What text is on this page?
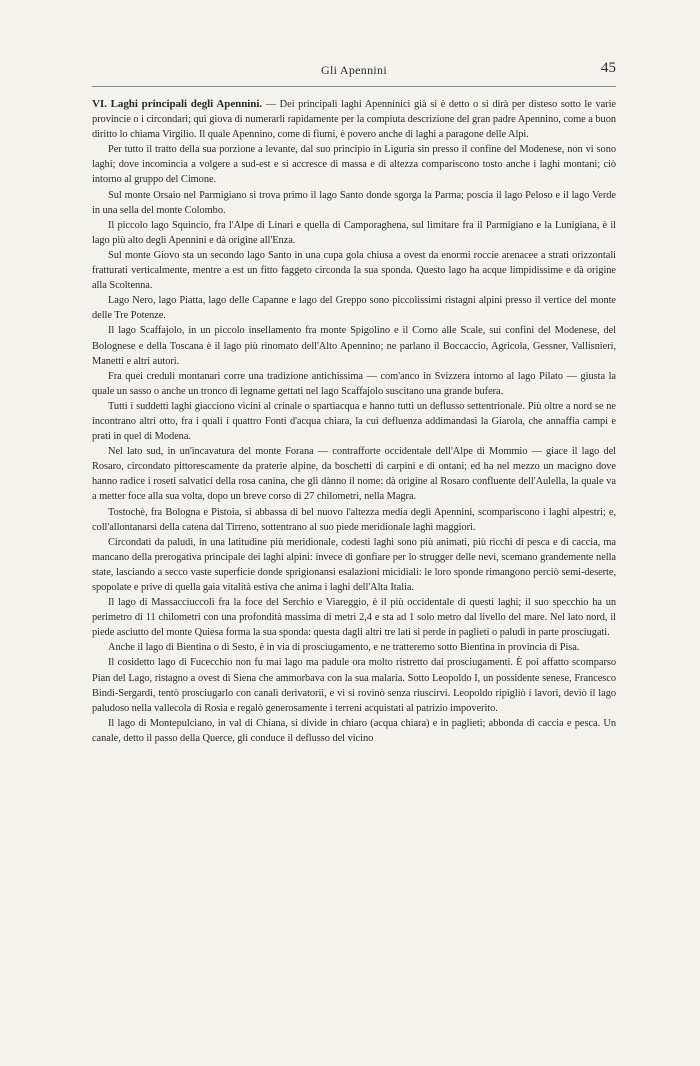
Gli Apennini	45

VI. Laghi principali degli Apennini. — Dei principali laghi Apenninici già si è detto o si dirà per disteso sotto le varie provincie o i circondari; qui giova di numerarli rapidamente per la compiuta descrizione del gran padre Apennino, come a buon diritto lo chiama Virgilio. Il quale Apennino, come di fiumi, è povero anche di laghi a paragone delle Alpi.

Per tutto il tratto della sua porzione a levante, dal suo principio in Liguria sin presso il confine del Modenese, non vi sono laghi; dove incomincia a volgere a sud-est e si accresce di massa e di altezza compariscono tosto anche i laghi montani; ciò intorno al gruppo del Cimone.

Sul monte Orsaio nel Parmigiano si trova primo il lago Santo donde sgorga la Parma; poscia il lago Peloso e il lago Verde in una sella del monte Colombo.

Il piccolo lago Squincio, fra l'Alpe di Linari e quella di Camporaghena, sul limitare fra il Parmigiano e la Lunigiana, è il lago più alto degli Apennini e dà origine all'Enza.

Sul monte Giovo sta un secondo lago Santo in una cupa gola chiusa a ovest da enormi roccie arenacee a strati orizzontali fratturati verticalmente, mentre a est un fitto faggeto circonda la sua sponda. Questo lago ha acque limpidissime e dà origine alla Scoltenna.

Lago Nero, lago Piatta, lago delle Capanne e lago del Greppo sono piccolissimi ristagni alpini presso il vertice del monte delle Tre Potenze.

Il lago Scaffajolo, in un piccolo insellamento fra monte Spigolino e il Corno alle Scale, sui confini del Modenese, del Bolognese e della Toscana è il lago più rinomato dell'Alto Apennino; ne parlano il Boccaccio, Agricola, Gessner, Vallisnieri, Manetti e altri autori.

Fra quei creduli montanari corre una tradizione antichissima — com'anco in Svizzera intorno al lago Pilato — giusta la quale un sasso o anche un tronco di legname gettati nel lago Scaffajolo suscitano una grande bufera.

Tutti i suddetti laghi giacciono vicini al crinale o spartiacqua e hanno tutti un deflusso settentrionale. Più oltre a nord se ne incontrano altri otto, fra i quali i quattro Fonti d'acqua chiara, la cui defluenza addimandasi la Giarola, che annaffia campi e prati in quel di Modena.

Nel lato sud, in un'incavatura del monte Forana — contrafforte occidentale dell'Alpe di Mommio — giace il lago del Rosaro, circondato pittorescamente da praterie alpine, da boschetti di carpini e di ontani; ed ha nel mezzo un macigno dove hanno radice i roseti salvatici della rosa canina, che gli dànno il nome: dà origine al Rosaro confluente dell'Aulella, la quale va a metter foce alla sua volta, dopo un breve corso di 27 chilometri, nella Magra.

Tostochè, fra Bologna e Pistoia, si abbassa di bel nuovo l'altezza media degli Apennini, scompariscono i laghi alpestri; e, coll'allontanarsi della catena dal Tirreno, sottentrano al suo piede meridionale laghi maggiori.

Circondati da paludi, in una latitudine più meridionale, codesti laghi sono più animati, più ricchi di pesca e di caccia, ma mancano della prerogativa principale dei laghi alpini: invece di gonfiare per lo strugger delle nevi, scemano grandemente nella state, lasciando a secco vaste superficie donde sprigionansi esalazioni micidiali: le loro sponde rimangono perciò semi-deserte, spopolate e prive di quella gaia vitalità estiva che anima i laghi dell'Alta Italia.

Il lago di Massacciuccoli fra la foce del Serchio e Viareggio, è il più occidentale di questi laghi; il suo specchio ha un perimetro di 11 chilometri con una profondità massima di metri 2,4 e sta ad 1 solo metro dal livello del mare. Nel lato nord, il piede asciutto del monte Quiesa forma la sua sponda: questa dagli altri tre lati si perde in paglieti o paludi in parte prosciugati.

Anche il lago di Bientina o di Sesto, è in via di prosciugamento, e ne tratteremo sotto Bientina in provincia di Pisa.

Il cosidetto lago di Fucecchio non fu mai lago ma padule ora molto ristretto dai prosciugamenti. È poi affatto scomparso Pian del Lago, ristagno a ovest di Siena che ammorbava con la sua malaria. Sotto Leopoldo I, un possidente senese, Francesco Bindi-Sergardi, tentò prosciugarlo con canali derivatorii, e vi si rovinò senza riuscirvi. Leopoldo ripigliò i lavori, deviò il lago paludoso nella vallecola di Rosia e regalò generosamente i terreni acquistati al patrizio impoverito.

Il lago di Montepulciano, in val di Chiana, si divide in chiaro (acqua chiara) e in paglieti; abbonda di caccia e pesca. Un canale, detto il passo della Querce, gli conduce il deflusso del vicino
